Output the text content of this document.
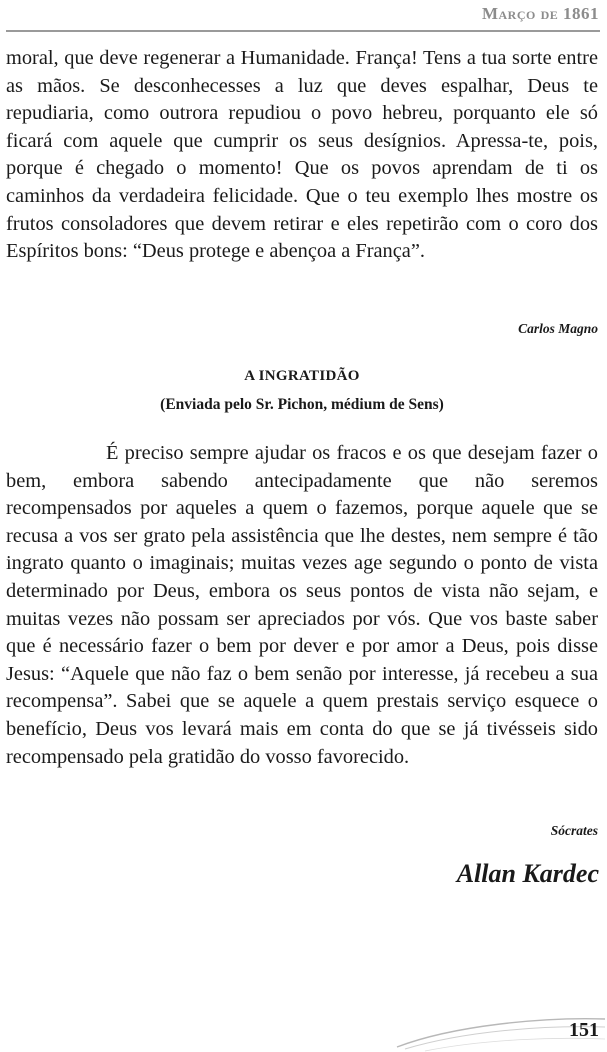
Março de 1861

moral, que deve regenerar a Humanidade. França! Tens a tua sorte entre as mãos. Se desconhecesses a luz que deves espalhar, Deus te repudiaria, como outrora repudiou o povo hebreu, porquanto ele só ficará com aquele que cumprir os seus desígnios. Apressa-te, pois, porque é chegado o momento! Que os povos aprendam de ti os caminhos da verdadeira felicidade. Que o teu exemplo lhes mostre os frutos consoladores que devem retirar e eles repetirão com o coro dos Espíritos bons: “Deus protege e abençoa a França”.

Carlos Magno
A INGRATIDÃO
(Enviada pelo Sr. Pichon, médium de Sens)

É preciso sempre ajudar os fracos e os que desejam fazer o bem, embora sabendo antecipadamente que não seremos recompensados por aqueles a quem o fazemos, porque aquele que se recusa a vos ser grato pela assistência que lhe destes, nem sempre é tão ingrato quanto o imaginais; muitas vezes age segundo o ponto de vista determinado por Deus, embora os seus pontos de vista não sejam, e muitas vezes não possam ser apreciados por vós. Que vos baste saber que é necessário fazer o bem por dever e por amor a Deus, pois disse Jesus: “Aquele que não faz o bem senão por interesse, já recebeu a sua recompensa”. Sabei que se aquele a quem prestais serviço esquece o benefício, Deus vos levará mais em conta do que se já tivésseis sido recompensado pela gratidão do vosso favorecido.

Sócrates
Allan Kardec
151
